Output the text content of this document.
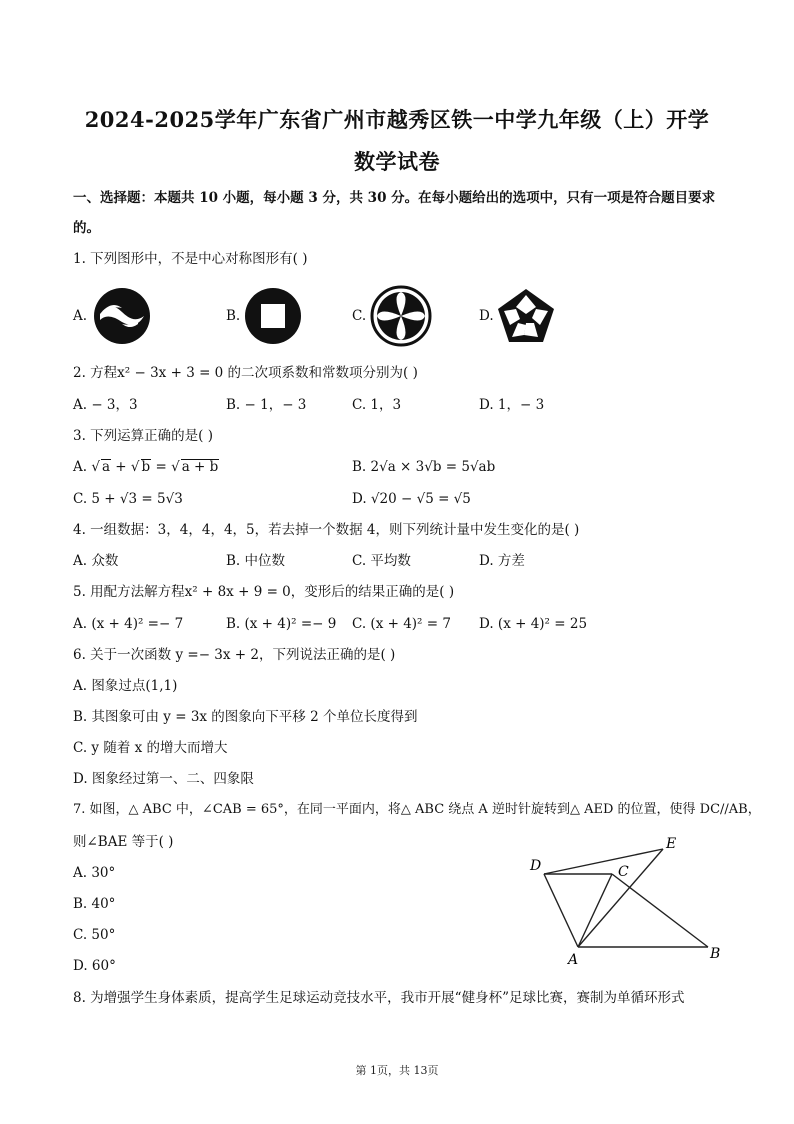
2024-2025学年广东省广州市越秀区铁一中学九年级（上）开学
数学试卷
一、选择题：本题共 10 小题，每小题 3 分，共 30 分。在每小题给出的选项中，只有一项是符合题目要求
的。
1. 下列图形中，不是中心对称图形有( )
A.	B.	C.	D.
2. 方程x² − 3x + 3 = 0 的二次项系数和常数项分别为( )
A. − 3，3	B. − 1，− 3	C. 1，3	D. 1，− 3
3. 下列运算正确的是( )
A. √ a + √ b = √ a + b	B. 2√a × 3√b = 5√ab
C. 5 + √3 = 5√3	D. √20 − √5 = √5
4. 一组数据：3，4，4，4，5，若去掉一个数据 4，则下列统计量中发生变化的是( )
A. 众数	B. 中位数	C. 平均数	D. 方差
5. 用配方法解方程x² + 8x + 9 = 0，变形后的结果正确的是( )
A. (x + 4)² =− 7	B. (x + 4)² =− 9 C. (x + 4)² = 7 D. (x + 4)² = 25
6. 关于一次函数 y =− 3x + 2，下列说法正确的是( )
A. 图象过点(1,1)
B. 其图象可由 y = 3x 的图象向下平移 2 个单位长度得到
C. y 随着 x 的增大而增大
D. 图象经过第一、二、四象限
7. 如图，△ ABC 中，∠CAB = 65°，在同一平面内，将△ ABC 绕点 A 逆时针旋转到△ AED 的位置，使得 DC//AB，
则∠BAE 等于( )
A. 30°
B. 40°
C. 50°
D. 60°
D	C
E
A	B
8. 为增强学生身体素质，提高学生足球运动竞技水平，我市开展“健身杯”足球比赛，赛制为单循环形式
第 1页，共 13页
